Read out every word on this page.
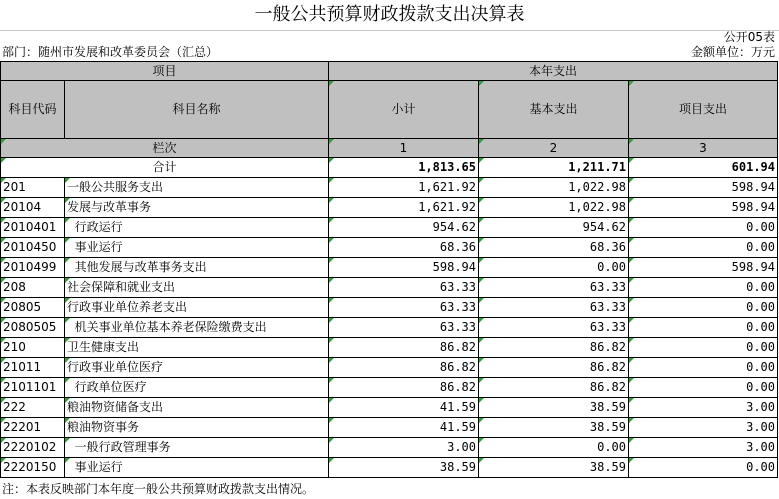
一般公共预算财政拨款支出决算表
公开05表
部门：随州市发展和改革委员会（汇总）	金额单位：万元
项目		本年支出		
科目代码	科目名称	小计	基本支出	项目支出
栏次		1	2	3
合计		1,813.65	1,211.71	601.94
201	一般公共服务支出	1,621.92	1,022.98	598.94
20104	发展与改革事务	1,621.92	1,022.98	598.94
2010401	行政运行	954.62	954.62	0.00
2010450	事业运行	68.36	68.36	0.00
2010499	其他发展与改革事务支出	598.94	0.00	598.94
208	社会保障和就业支出	63.33	63.33	0.00
20805	行政事业单位养老支出	63.33	63.33	0.00
2080505	机关事业单位基本养老保险缴费支出	63.33	63.33	0.00
210	卫生健康支出	86.82	86.82	0.00
21011	行政事业单位医疗	86.82	86.82	0.00
2101101	行政单位医疗	86.82	86.82	0.00
222	粮油物资储备支出	41.59	38.59	3.00
22201	粮油物资事务	41.59	38.59	3.00
2220102	一般行政管理事务	3.00	0.00	3.00
2220150	事业运行	38.59	38.59	0.00
注：本表反映部门本年度一般公共预算财政拨款支出情况。
